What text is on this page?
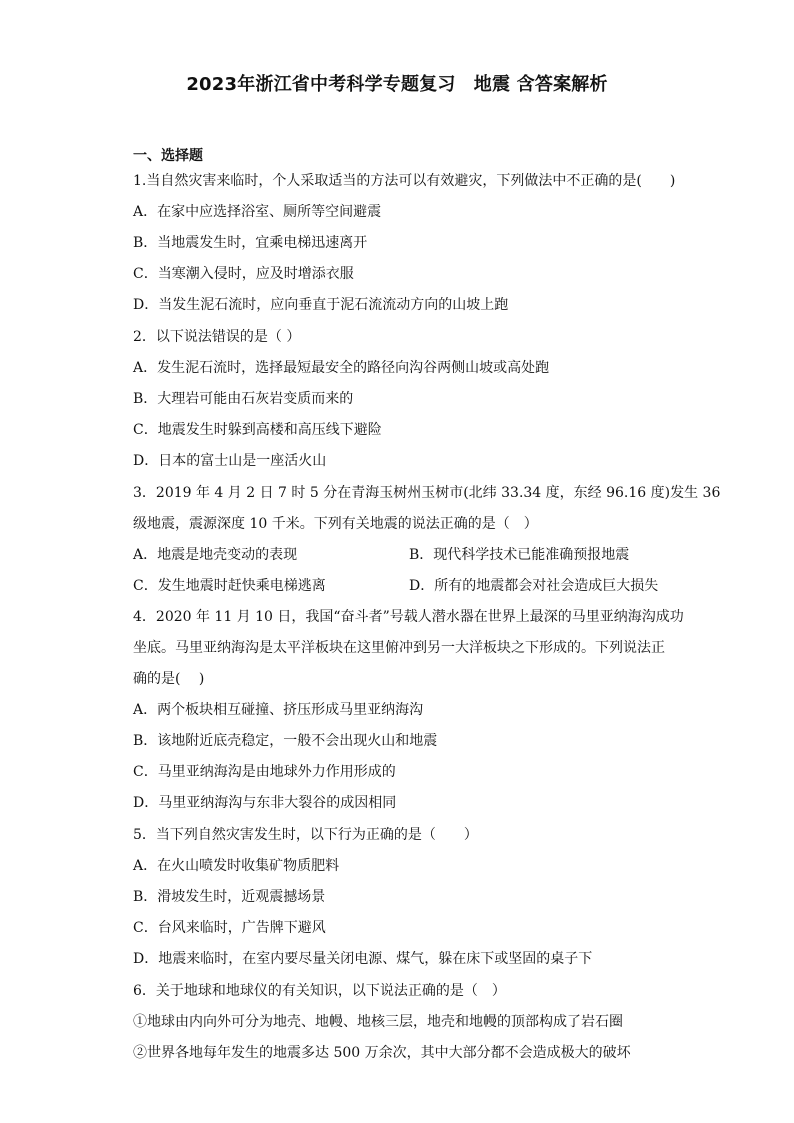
2023年浙江省中考科学专题复习　地震 含答案解析
一、选择题
1.当自然灾害来临时，个人采取适当的方法可以有效避灾，下列做法中不正确的是(　　)
A．在家中应选择浴室、厕所等空间避震
B．当地震发生时，宜乘电梯迅速离开
C．当寒潮入侵时，应及时增添衣服
D．当发生泥石流时，应向垂直于泥石流流动方向的山坡上跑
2．以下说法错误的是（ ）
A．发生泥石流时，选择最短最安全的路径向沟谷两侧山坡或高处跑
B．大理岩可能由石灰岩变质而来的
C．地震发生时躲到高楼和高压线下避险
D．日本的富士山是一座活火山
3．2019 年 4 月 2 日 7 时 5 分在青海玉树州玉树市(北纬 33.34 度，东经 96.16 度)发生 36
级地震，震源深度 10 千米。下列有关地震的说法正确的是（　）
A．地震是地壳变动的表现	B．现代科学技术已能准确预报地震
C．发生地震时赶快乘电梯逃离	D．所有的地震都会对社会造成巨大损失
4．2020 年 11 月 10 日，我国“奋斗者”号载人潜水器在世界上最深的马里亚纳海沟成功
坐底。马里亚纳海沟是太平洋板块在这里俯冲到另一大洋板块之下形成的。下列说法正
确的是(　 )
A．两个板块相互碰撞、挤压形成马里亚纳海沟
B．该地附近底壳稳定，一般不会出现火山和地震
C．马里亚纳海沟是由地球外力作用形成的
D．马里亚纳海沟与东非大裂谷的成因相同
5．当下列自然灾害发生时，以下行为正确的是（　　）
A．在火山喷发时收集矿物质肥料
B．滑坡发生时，近观震撼场景
C．台风来临时，广告牌下避风
D．地震来临时，在室内要尽量关闭电源、煤气，躲在床下或坚固的桌子下
6．关于地球和地球仪的有关知识，以下说法正确的是（　）
①地球由内向外可分为地壳、地幔、地核三层，地壳和地幔的顶部构成了岩石圈
②世界各地每年发生的地震多达 500 万余次，其中大部分都不会造成极大的破坏
